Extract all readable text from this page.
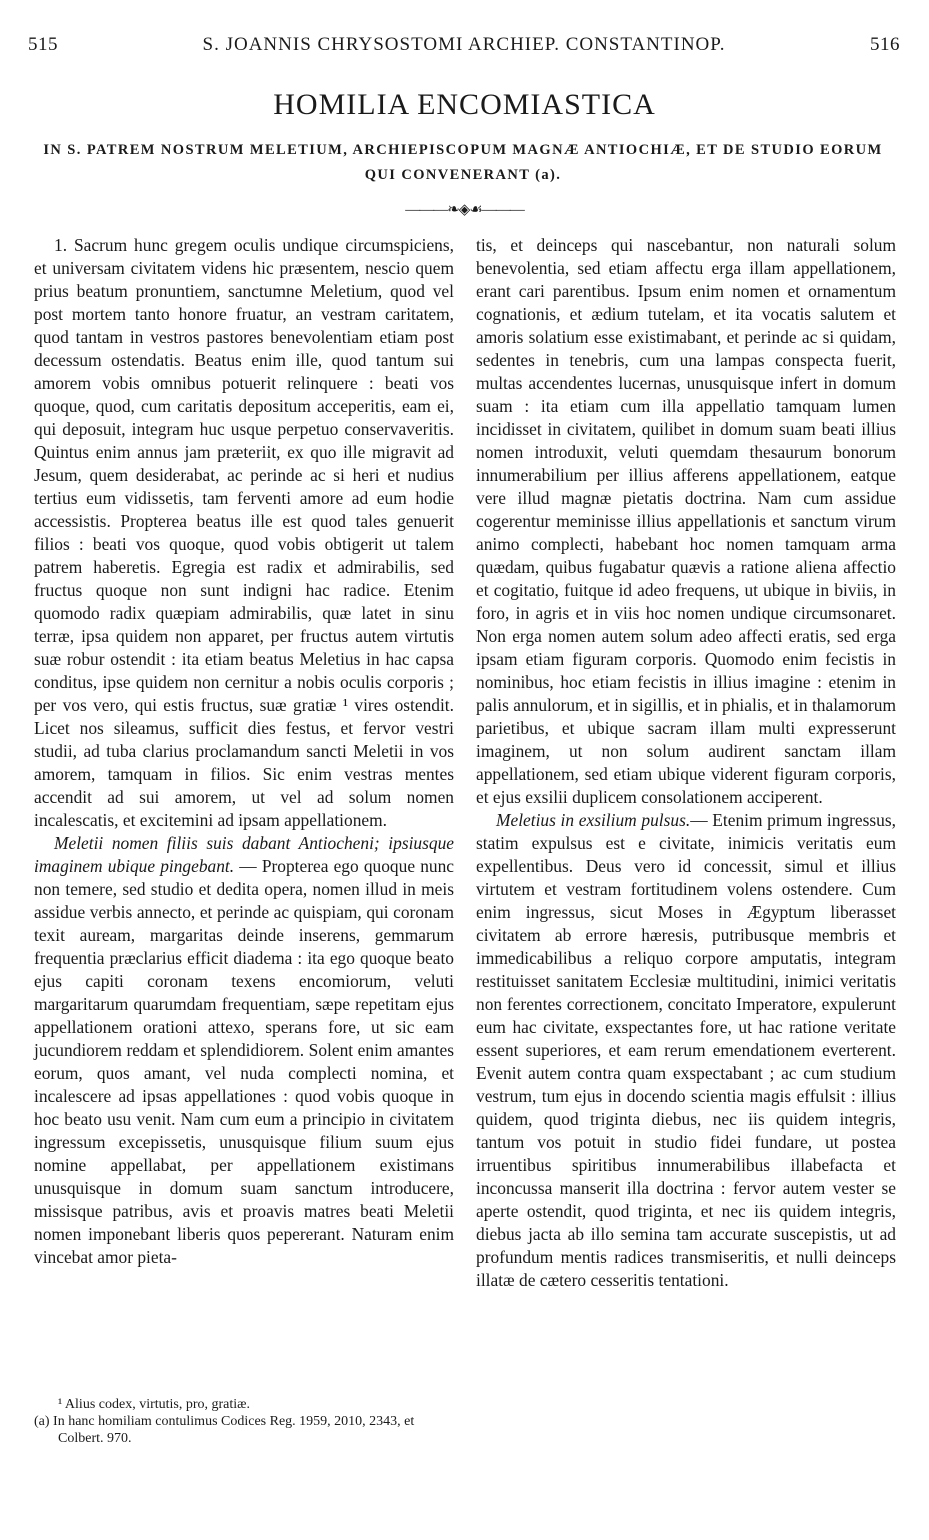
515	S. JOANNIS CHRYSOSTOMI ARCHIEP. CONSTANTINOP.	516
HOMILIA ENCOMIASTICA
IN S. PATREM NOSTRUM MELETIUM, ARCHIEPISCOPUM MAGNÆ ANTIOCHIÆ, ET DE STUDIO EORUM QUI CONVENERANT (a).
———❧◈☙———

1. Sacrum hunc gregem oculis undique circumspiciens, et universam civitatem videns hic præsentem, nescio quem prius beatum pronuntiem, sanctumne Meletium, quod vel post mortem tanto honore fruatur, an vestram caritatem, quod tantam in vestros pastores benevolentiam etiam post decessum ostendatis. Beatus enim ille, quod tantum sui amorem vobis omnibus potuerit relinquere : beati vos quoque, quod, cum caritatis depositum acceperitis, eam ei, qui deposuit, integram huc usque perpetuo conservaveritis. Quintus enim annus jam præteriit, ex quo ille migravit ad Jesum, quem desiderabat, ac perinde ac si heri et nudius tertius eum vidissetis, tam ferventi amore ad eum hodie accessistis. Propterea beatus ille est quod tales genuerit filios : beati vos quoque, quod vobis obtigerit ut talem patrem haberetis. Egregia est radix et admirabilis, sed fructus quoque non sunt indigni hac radice. Etenim quomodo radix quæpiam admirabilis, quæ latet in sinu terræ, ipsa quidem non apparet, per fructus autem virtutis suæ robur ostendit : ita etiam beatus Meletius in hac capsa conditus, ipse quidem non cernitur a nobis oculis corporis ; per vos vero, qui estis fructus, suæ gratiæ ¹ vires ostendit. Licet nos sileamus, sufficit dies festus, et fervor vestri studii, ad tuba clarius proclamandum sancti Meletii in vos amorem, tamquam in filios. Sic enim vestras mentes accendit ad sui amorem, ut vel ad solum nomen incalescatis, et excitemini ad ipsam appellationem.

Meletii nomen filiis suis dabant Antiocheni; ipsiusque imaginem ubique pingebant. — Propterea ego quoque nunc non temere, sed studio et dedita opera, nomen illud in meis assidue verbis annecto, et perinde ac quispiam, qui coronam texit auream, margaritas deinde inserens, gemmarum frequentia præclarius efficit diadema : ita ego quoque beato ejus capiti coronam texens encomiorum, veluti margaritarum quarumdam frequentiam, sæpe repetitam ejus appellationem orationi attexo, sperans fore, ut sic eam jucundiorem reddam et splendidiorem. Solent enim amantes eorum, quos amant, vel nuda complecti nomina, et incalescere ad ipsas appellationes : quod vobis quoque in hoc beato usu venit. Nam cum eum a principio in civitatem ingressum excepissetis, unusquisque filium suum ejus nomine appellabat, per appellationem existimans unusquisque in domum suam sanctum introducere, missisque patribus, avis et proavis matres beati Meletii nomen imponebant liberis quos pepererant. Naturam enim vincebat amor pieta-

tis, et deinceps qui nascebantur, non naturali solum benevolentia, sed etiam affectu erga illam appellationem, erant cari parentibus. Ipsum enim nomen et ornamentum cognationis, et ædium tutelam, et ita vocatis salutem et amoris solatium esse existimabant, et perinde ac si quidam, sedentes in tenebris, cum una lampas conspecta fuerit, multas accendentes lucernas, unusquisque infert in domum suam : ita etiam cum illa appellatio tamquam lumen incidisset in civitatem, quilibet in domum suam beati illius nomen introduxit, veluti quemdam thesaurum bonorum innumerabilium per illius afferens appellationem, eatque vere illud magnæ pietatis doctrina. Nam cum assidue cogerentur meminisse illius appellationis et sanctum virum animo complecti, habebant hoc nomen tamquam arma quædam, quibus fugabatur quævis a ratione aliena affectio et cogitatio, fuitque id adeo frequens, ut ubique in biviis, in foro, in agris et in viis hoc nomen undique circumsonaret. Non erga nomen autem solum adeo affecti eratis, sed erga ipsam etiam figuram corporis. Quomodo enim fecistis in nominibus, hoc etiam fecistis in illius imagine : etenim in palis annulorum, et in sigillis, et in phialis, et in thalamorum parietibus, et ubique sacram illam multi expresserunt imaginem, ut non solum audirent sanctam illam appellationem, sed etiam ubique viderent figuram corporis, et ejus exsilii duplicem consolationem acciperent.

Meletius in exsilium pulsus.— Etenim primum ingressus, statim expulsus est e civitate, inimicis veritatis eum expellentibus. Deus vero id concessit, simul et illius virtutem et vestram fortitudinem volens ostendere. Cum enim ingressus, sicut Moses in Ægyptum liberasset civitatem ab errore hæresis, putribusque membris et immedicabilibus a reliquo corpore amputatis, integram restituisset sanitatem Ecclesiæ multitudini, inimici veritatis non ferentes correctionem, concitato Imperatore, expulerunt eum hac civitate, exspectantes fore, ut hac ratione veritate essent superiores, et eam rerum emendationem everterent. Evenit autem contra quam exspectabant ; ac cum studium vestrum, tum ejus in docendo scientia magis effulsit : illius quidem, quod triginta diebus, nec iis quidem integris, tantum vos potuit in studio fidei fundare, ut postea irruentibus spiritibus innumerabilibus illabefacta et inconcussa manserit illa doctrina : fervor autem vester se aperte ostendit, quod triginta, et nec iis quidem integris, diebus jacta ab illo semina tam accurate suscepistis, ut ad profundum mentis radices transmiseritis, et nulli deinceps illatæ de cætero cesseritis tentationi.

¹ Alius codex, virtutis, pro, gratiæ.
(a) In hanc homiliam contulimus Codices Reg. 1959, 2010, 2343, et Colbert. 970.
